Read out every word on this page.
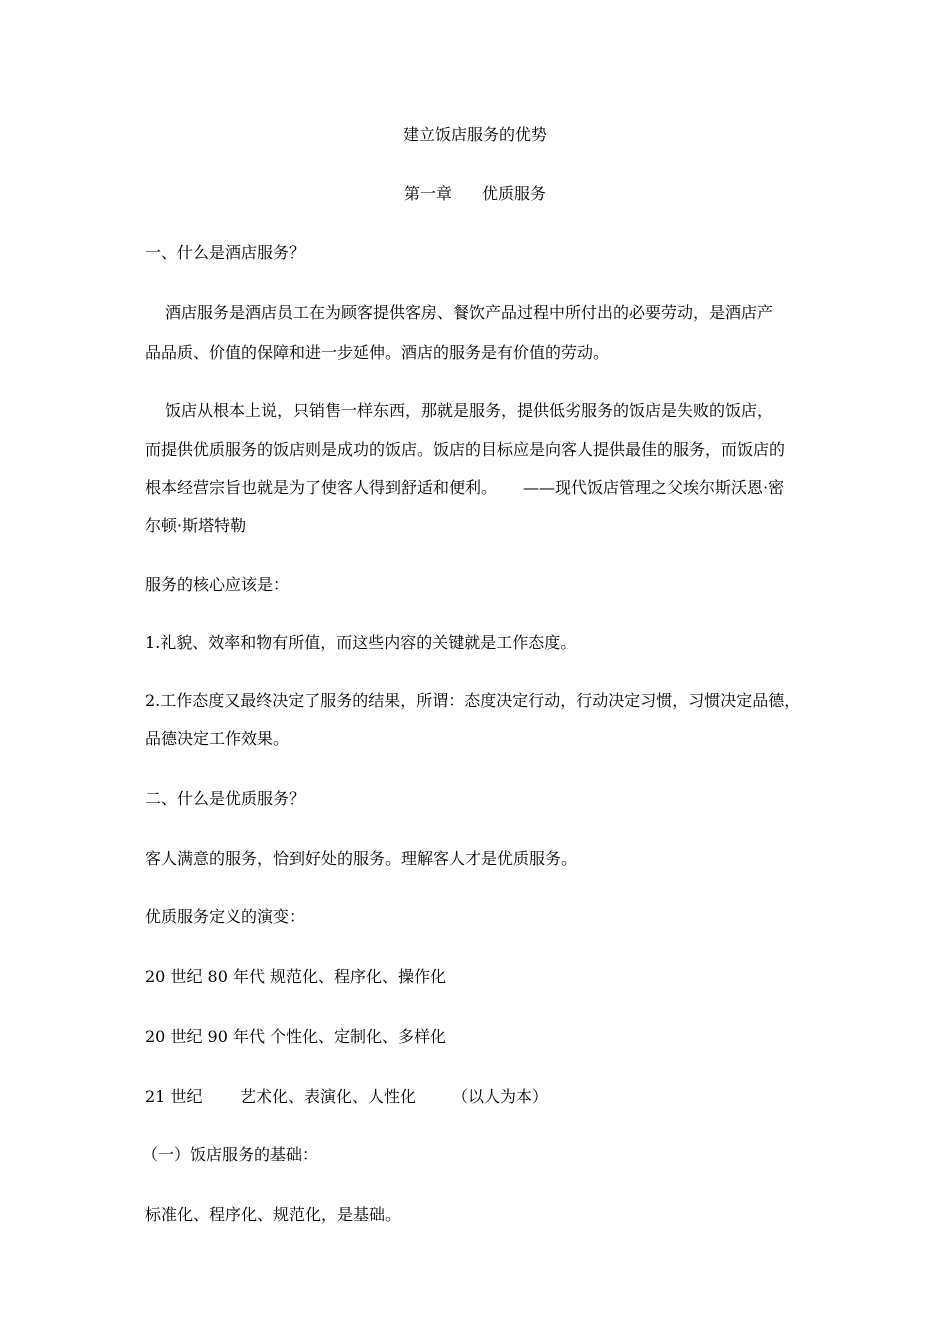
建立饭店服务的优势
第一章 优质服务
一、什么是酒店服务？
酒店服务是酒店员工在为顾客提供客房、餐饮产品过程中所付出的必要劳动，是酒店产
品品质、价值的保障和进一步延伸。酒店的服务是有价值的劳动。
饭店从根本上说，只销售一样东西，那就是服务，提供低劣服务的饭店是失败的饭店，
而提供优质服务的饭店则是成功的饭店。饭店的目标应是向客人提供最佳的服务，而饭店的
根本经营宗旨也就是为了使客人得到舒适和便利。 ——现代饭店管理之父埃尔斯沃恩·密
尔顿·斯塔特勒
服务的核心应该是：
1.礼貌、效率和物有所值，而这些内容的关键就是工作态度。
2.工作态度又最终决定了服务的结果，所谓：态度决定行动，行动决定习惯，习惯决定品德，
品德决定工作效果。
二、什么是优质服务？
客人满意的服务，恰到好处的服务。理解客人才是优质服务。
优质服务定义的演变：
20 世纪 80 年代 规范化、程序化、操作化
20 世纪 90 年代 个性化、定制化、多样化
21 世纪 艺术化、表演化、人性化 （以人为本）
（一）饭店服务的基础：
标准化、程序化、规范化，是基础。
